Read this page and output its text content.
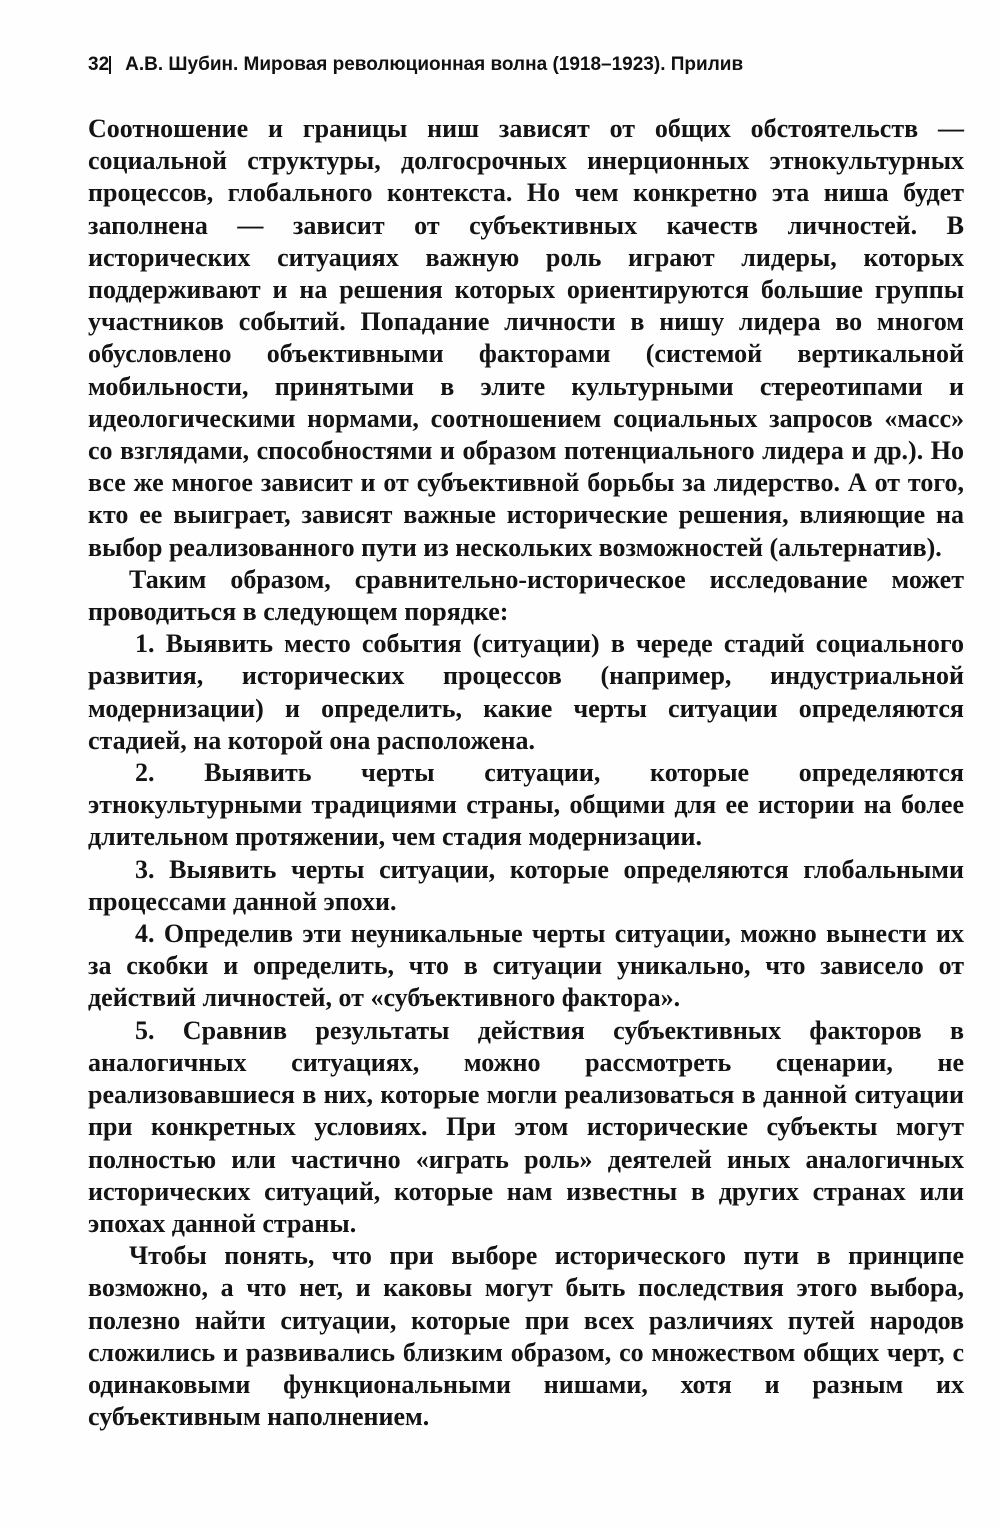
32 А.В. Шубин. Мировая революционная волна (1918–1923). Прилив

Соотношение и границы ниш зависят от общих обстоятельств — социальной структуры, долгосрочных инерционных этнокультурных процессов, глобального контекста. Но чем конкретно эта ниша будет заполнена — зависит от субъективных качеств личностей. В исторических ситуациях важную роль играют лидеры, которых поддерживают и на решения которых ориентируются большие группы участников событий. Попадание личности в нишу лидера во многом обусловлено объективными факторами (системой вертикальной мобильности, принятыми в элите культурными стереотипами и идеологическими нормами, соотношением социальных запросов «масс» со взглядами, способностями и образом потенциального лидера и др.). Но все же многое зависит и от субъективной борьбы за лидерство. А от того, кто ее выиграет, зависят важные исторические решения, влияющие на выбор реализованного пути из нескольких возможностей (альтернатив).

Таким образом, сравнительно-историческое исследование может проводиться в следующем порядке:

1. Выявить место события (ситуации) в череде стадий социального развития, исторических процессов (например, индустриальной модернизации) и определить, какие черты ситуации определяются стадией, на которой она расположена.

2. Выявить черты ситуации, которые определяются этнокультурными традициями страны, общими для ее истории на более длительном протяжении, чем стадия модернизации.

3. Выявить черты ситуации, которые определяются глобальными процессами данной эпохи.

4. Определив эти неуникальные черты ситуации, можно вынести их за скобки и определить, что в ситуации уникально, что зависело от действий личностей, от «субъективного фактора».

5. Сравнив результаты действия субъективных факторов в аналогичных ситуациях, можно рассмотреть сценарии, не реализовавшиеся в них, которые могли реализоваться в данной ситуации при конкретных условиях. При этом исторические субъекты могут полностью или частично «играть роль» деятелей иных аналогичных исторических ситуаций, которые нам известны в других странах или эпохах данной страны.

Чтобы понять, что при выборе исторического пути в принципе возможно, а что нет, и каковы могут быть последствия этого выбора, полезно найти ситуации, которые при всех различиях путей народов сложились и развивались близким образом, со множеством общих черт, с одинаковыми функциональными нишами, хотя и разным их субъективным наполнением.
